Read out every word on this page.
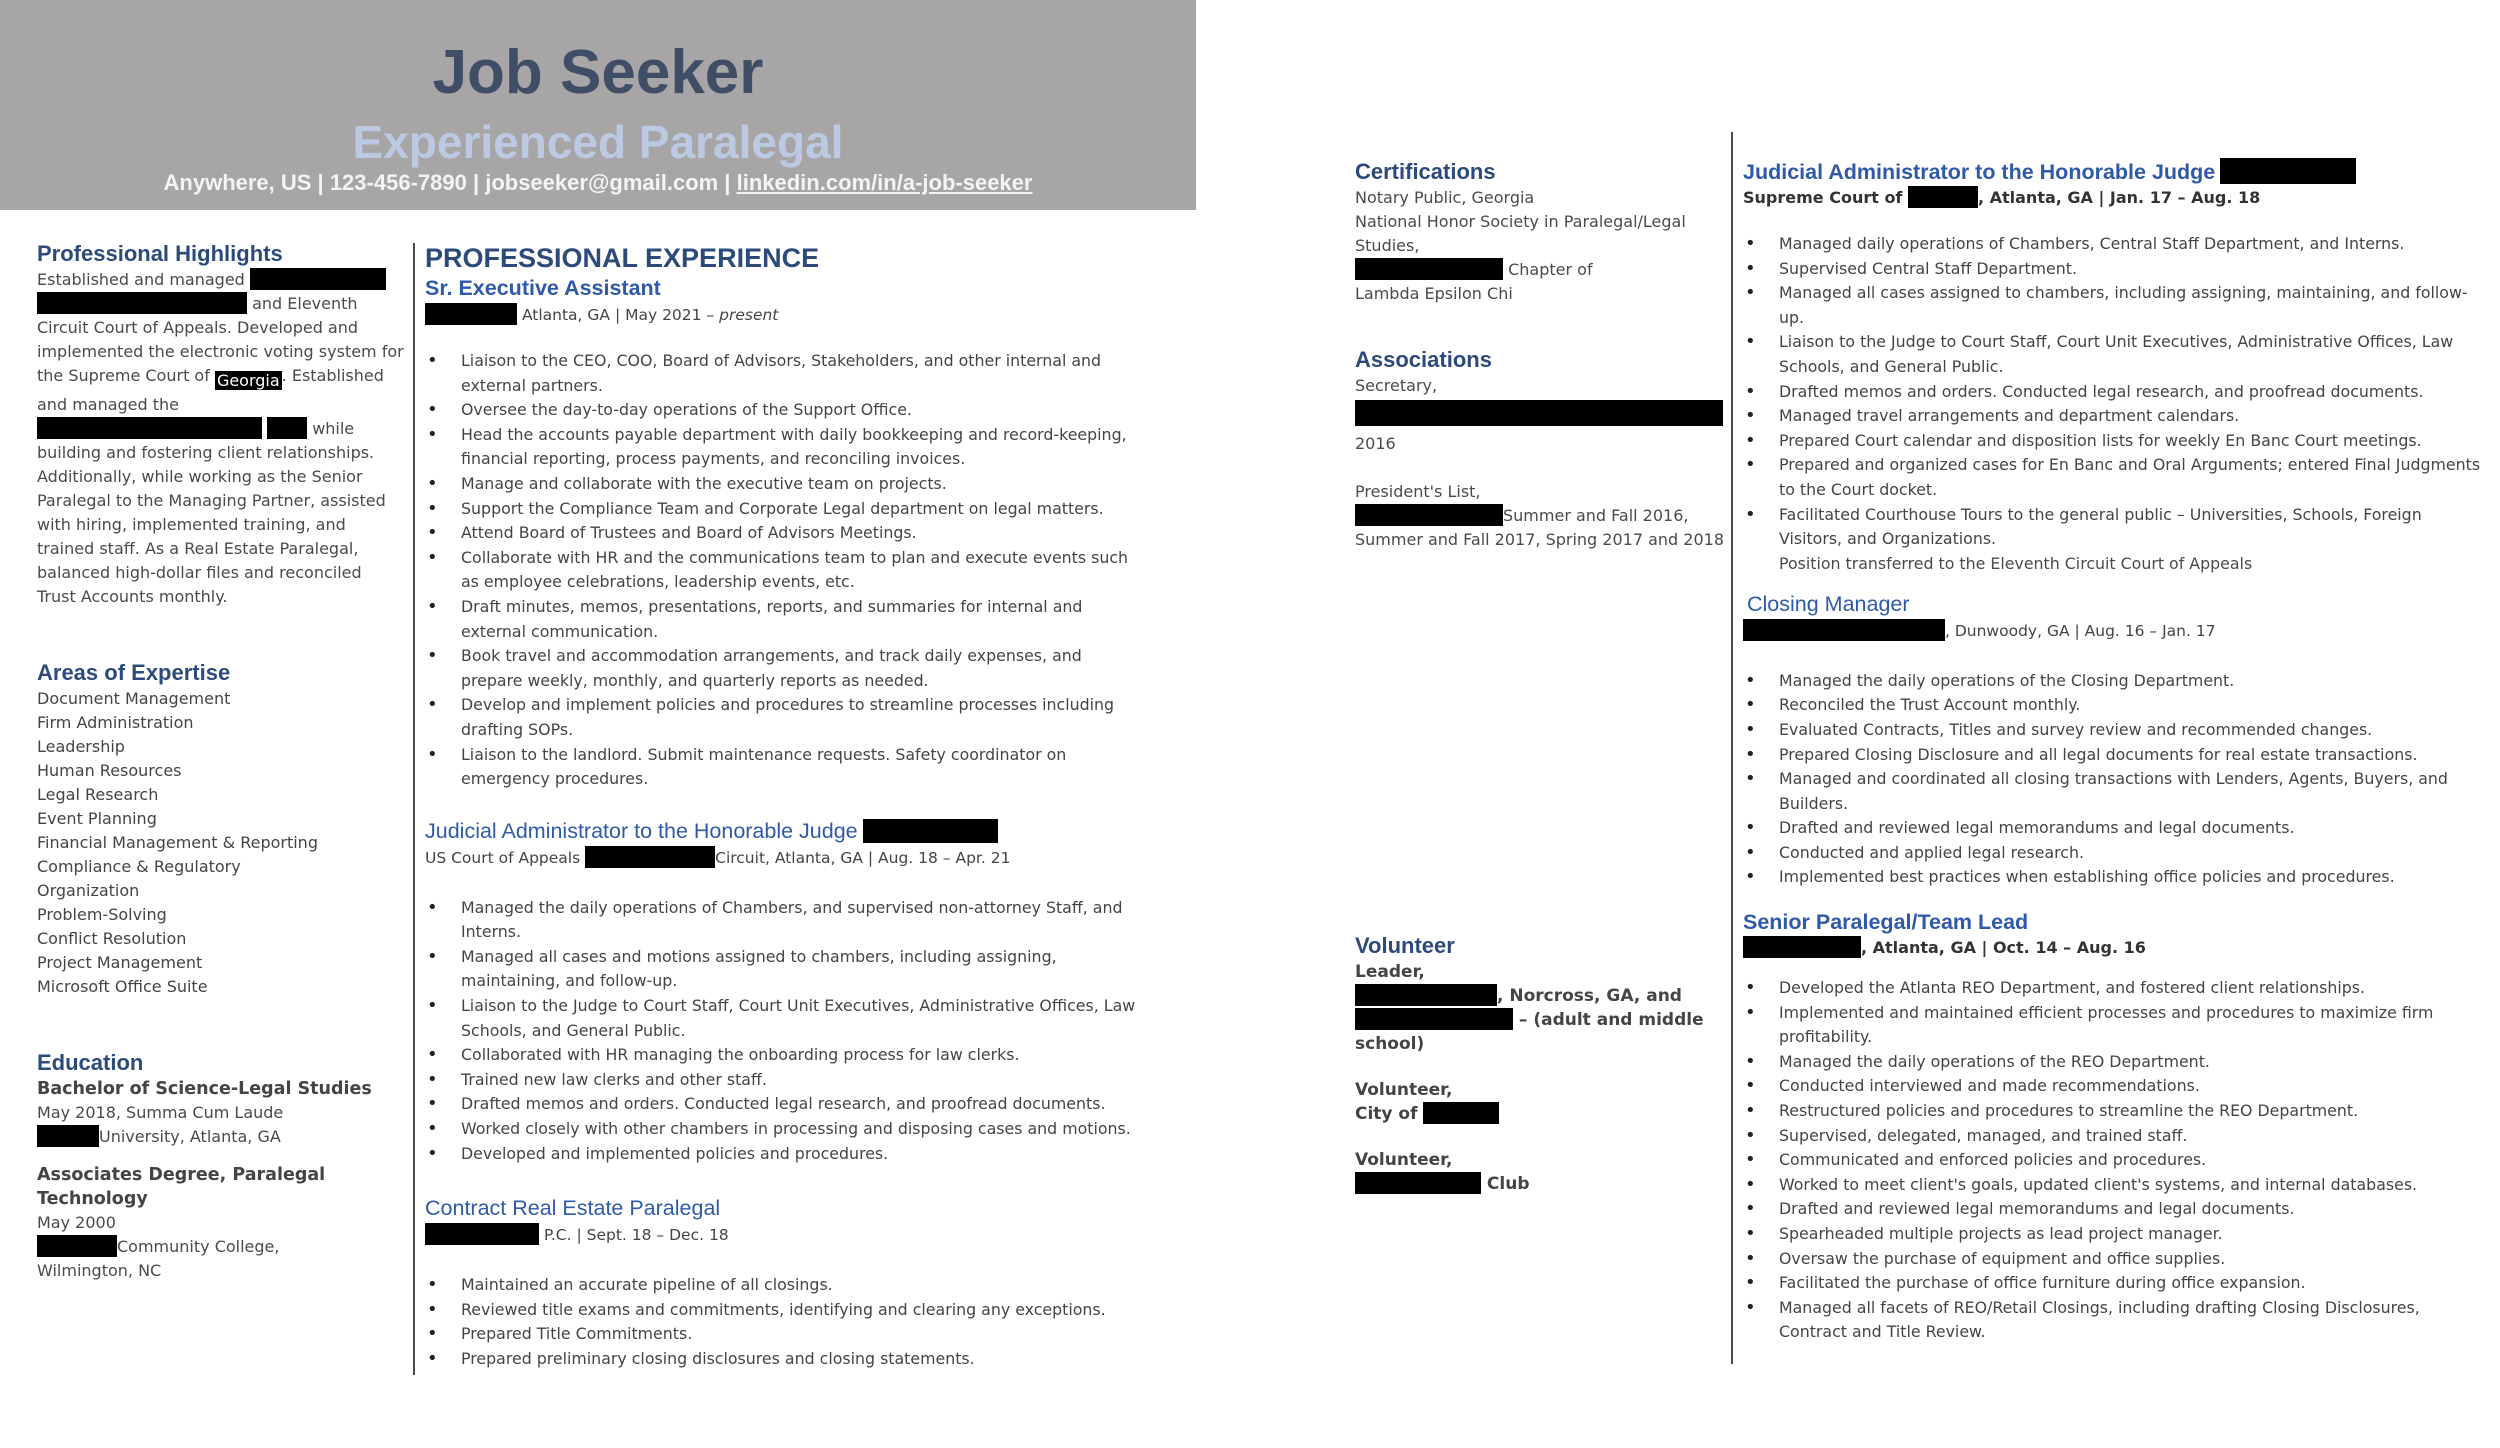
Job Seeker
Experienced Paralegal
Anywhere, US | 123-456-7890 | jobseeker@gmail.com | linkedin.com/in/a-job-seeker
Professional Highlights
Established and managed
and Eleventh Circuit Court of Appeals. Developed and implemented the electronic voting system for the Supreme Court of Georgia . Established and managed the   while building and fostering client relationships. Additionally, while working as the Senior Paralegal to the Managing Partner, assisted with hiring, implemented training, and trained staff. As a Real Estate Paralegal, balanced high-dollar files and reconciled Trust Accounts monthly.
Areas of Expertise
Document Management
Firm Administration
Leadership
Human Resources
Legal Research
Event Planning
Financial Management & Reporting
Compliance & Regulatory
Organization
Problem-Solving
Conflict Resolution
Project Management
Microsoft Office Suite
Education
Bachelor of Science-Legal Studies
May 2018, Summa Cum Laude
University, Atlanta, GA
Associates Degree, Paralegal Technology
May 2000
Community College,
Wilmington, NC
PROFESSIONAL EXPERIENCE
Sr. Executive Assistant
Atlanta, GA | May 2021 – present
• Liaison to the CEO, COO, Board of Advisors, Stakeholders, and other internal and external partners.
• Oversee the day-to-day operations of the Support Office.
• Head the accounts payable department with daily bookkeeping and record-keeping, financial reporting, process payments, and reconciling invoices.
• Manage and collaborate with the executive team on projects.
• Support the Compliance Team and Corporate Legal department on legal matters.
• Attend Board of Trustees and Board of Advisors Meetings.
• Collaborate with HR and the communications team to plan and execute events such as employee celebrations, leadership events, etc.
• Draft minutes, memos, presentations, reports, and summaries for internal and external communication.
• Book travel and accommodation arrangements, and track daily expenses, and prepare weekly, monthly, and quarterly reports as needed.
• Develop and implement policies and procedures to streamline processes including drafting SOPs.
• Liaison to the landlord. Submit maintenance requests. Safety coordinator on emergency procedures.
Judicial Administrator to the Honorable Judge
US Court of Appeals	Circuit, Atlanta, GA | Aug. 18 – Apr. 21
• Managed the daily operations of Chambers, and supervised non-attorney Staff, and Interns.
• Managed all cases and motions assigned to chambers, including assigning, maintaining, and follow-up.
• Liaison to the Judge to Court Staff, Court Unit Executives, Administrative Offices, Law Schools, and General Public.
• Collaborated with HR managing the onboarding process for law clerks.
• Trained new law clerks and other staff.
• Drafted memos and orders. Conducted legal research, and proofread documents.
• Worked closely with other chambers in processing and disposing cases and motions.
• Developed and implemented policies and procedures.
Contract Real Estate Paralegal
P.C. | Sept. 18 – Dec. 18
• Maintained an accurate pipeline of all closings.
• Reviewed title exams and commitments, identifying and clearing any exceptions.
• Prepared Title Commitments.
• Prepared preliminary closing disclosures and closing statements.
Certifications
Notary Public, Georgia
National Honor Society in Paralegal/Legal Studies,
Chapter of
Lambda Epsilon Chi
Associations
Secretary,
2016
President's List,
Summer and Fall 2016,
Summer and Fall 2017, Spring 2017 and 2018
Volunteer
Leader,
, Norcross, GA, and
– (adult and middle
school)
Volunteer,
City of
Volunteer,
Club
Judicial Administrator to the Honorable Judge
Supreme Court of	, Atlanta, GA | Jan. 17 – Aug. 18
• Managed daily operations of Chambers, Central Staff Department, and Interns.
• Supervised Central Staff Department.
• Managed all cases assigned to chambers, including assigning, maintaining, and follow-up.
• Liaison to the Judge to Court Staff, Court Unit Executives, Administrative Offices, Law Schools, and General Public.
• Drafted memos and orders. Conducted legal research, and proofread documents.
• Managed travel arrangements and department calendars.
• Prepared Court calendar and disposition lists for weekly En Banc Court meetings.
• Prepared and organized cases for En Banc and Oral Arguments; entered Final Judgments to the Court docket.
• Facilitated Courthouse Tours to the general public – Universities, Schools, Foreign Visitors, and Organizations.
Position transferred to the Eleventh Circuit Court of Appeals
Closing Manager
, Dunwoody, GA | Aug. 16 – Jan. 17
• Managed the daily operations of the Closing Department.
• Reconciled the Trust Account monthly.
• Evaluated Contracts, Titles and survey review and recommended changes.
• Prepared Closing Disclosure and all legal documents for real estate transactions.
• Managed and coordinated all closing transactions with Lenders, Agents, Buyers, and Builders.
• Drafted and reviewed legal memorandums and legal documents.
• Conducted and applied legal research.
• Implemented best practices when establishing office policies and procedures.
Senior Paralegal/Team Lead
, Atlanta, GA | Oct. 14 – Aug. 16
• Developed the Atlanta REO Department, and fostered client relationships.
• Implemented and maintained efficient processes and procedures to maximize firm profitability.
• Managed the daily operations of the REO Department.
• Conducted interviewed and made recommendations.
• Restructured policies and procedures to streamline the REO Department.
• Supervised, delegated, managed, and trained staff.
• Communicated and enforced policies and procedures.
• Worked to meet client's goals, updated client's systems, and internal databases.
• Drafted and reviewed legal memorandums and legal documents.
• Spearheaded multiple projects as lead project manager.
• Oversaw the purchase of equipment and office supplies.
• Facilitated the purchase of office furniture during office expansion.
• Managed all facets of REO/Retail Closings, including drafting Closing Disclosures, Contract and Title Review.
